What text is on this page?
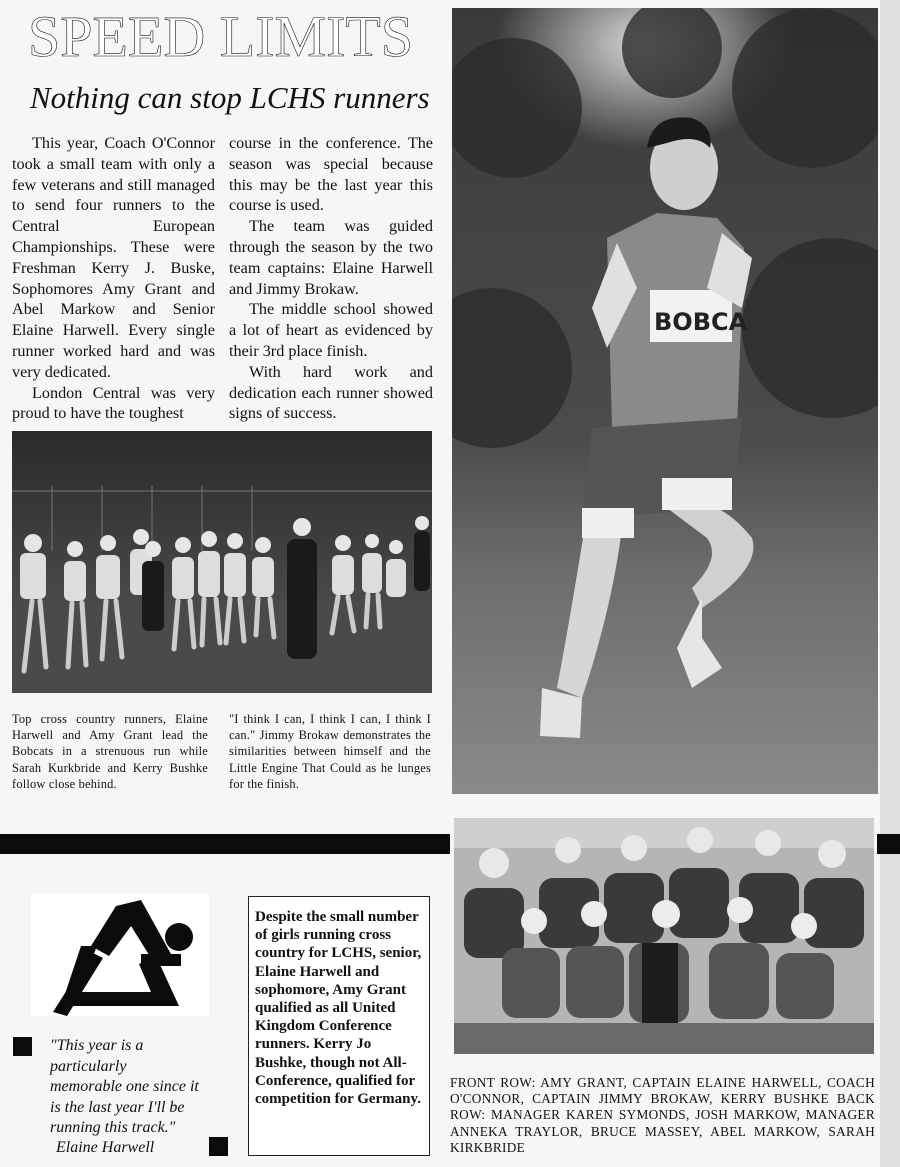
SPEED LIMITS
Nothing can stop LCHS runners

This year, Coach O'Connor took a small team with only a few veterans and still managed to send four runners to the Central European Championships. These were Freshman Kerry J. Buske, Sophomores Amy Grant and Abel Markow and Senior Elaine Harwell. Every single runner worked hard and was very dedicated.

London Central was very proud to have the toughest

course in the conference. The season was special because this may be the last year this course is used.

The team was guided through the season by the two team captains: Elaine Harwell and Jimmy Brokaw.

The middle school showed a lot of heart as evidenced by their 3rd place finish.

With hard work and dedication each runner showed signs of success.

Top cross country runners, Elaine Harwell and Amy Grant lead the Bobcats in a strenuous run while Sarah Kurkbride and Kerry Bushke follow close behind.
"I think I can, I think I can, I think I can." Jimmy Brokaw demonstrates the similarities between himself and the Little Engine That Could as he lunges for the finish.
BOBCA
"This year is a particularly memorable one since it is the last year I'll be running this track."
Elaine Harwell
Despite the small number of girls running cross country for LCHS, senior, Elaine Harwell and sophomore, Amy Grant qualified as all United Kingdom Conference runners. Kerry Jo Bushke, though not All-Conference, qualified for competition for Germany.
FRONT ROW: AMY GRANT, CAPTAIN ELAINE HARWELL, COACH O'CONNOR, CAPTAIN JIMMY BROKAW, KERRY BUSHKE BACK ROW: MANAGER KAREN SYMONDS, JOSH MARKOW, MANAGER ANNEKA TRAYLOR, BRUCE MASSEY, ABEL MARKOW, SARAH KIRKBRIDE
